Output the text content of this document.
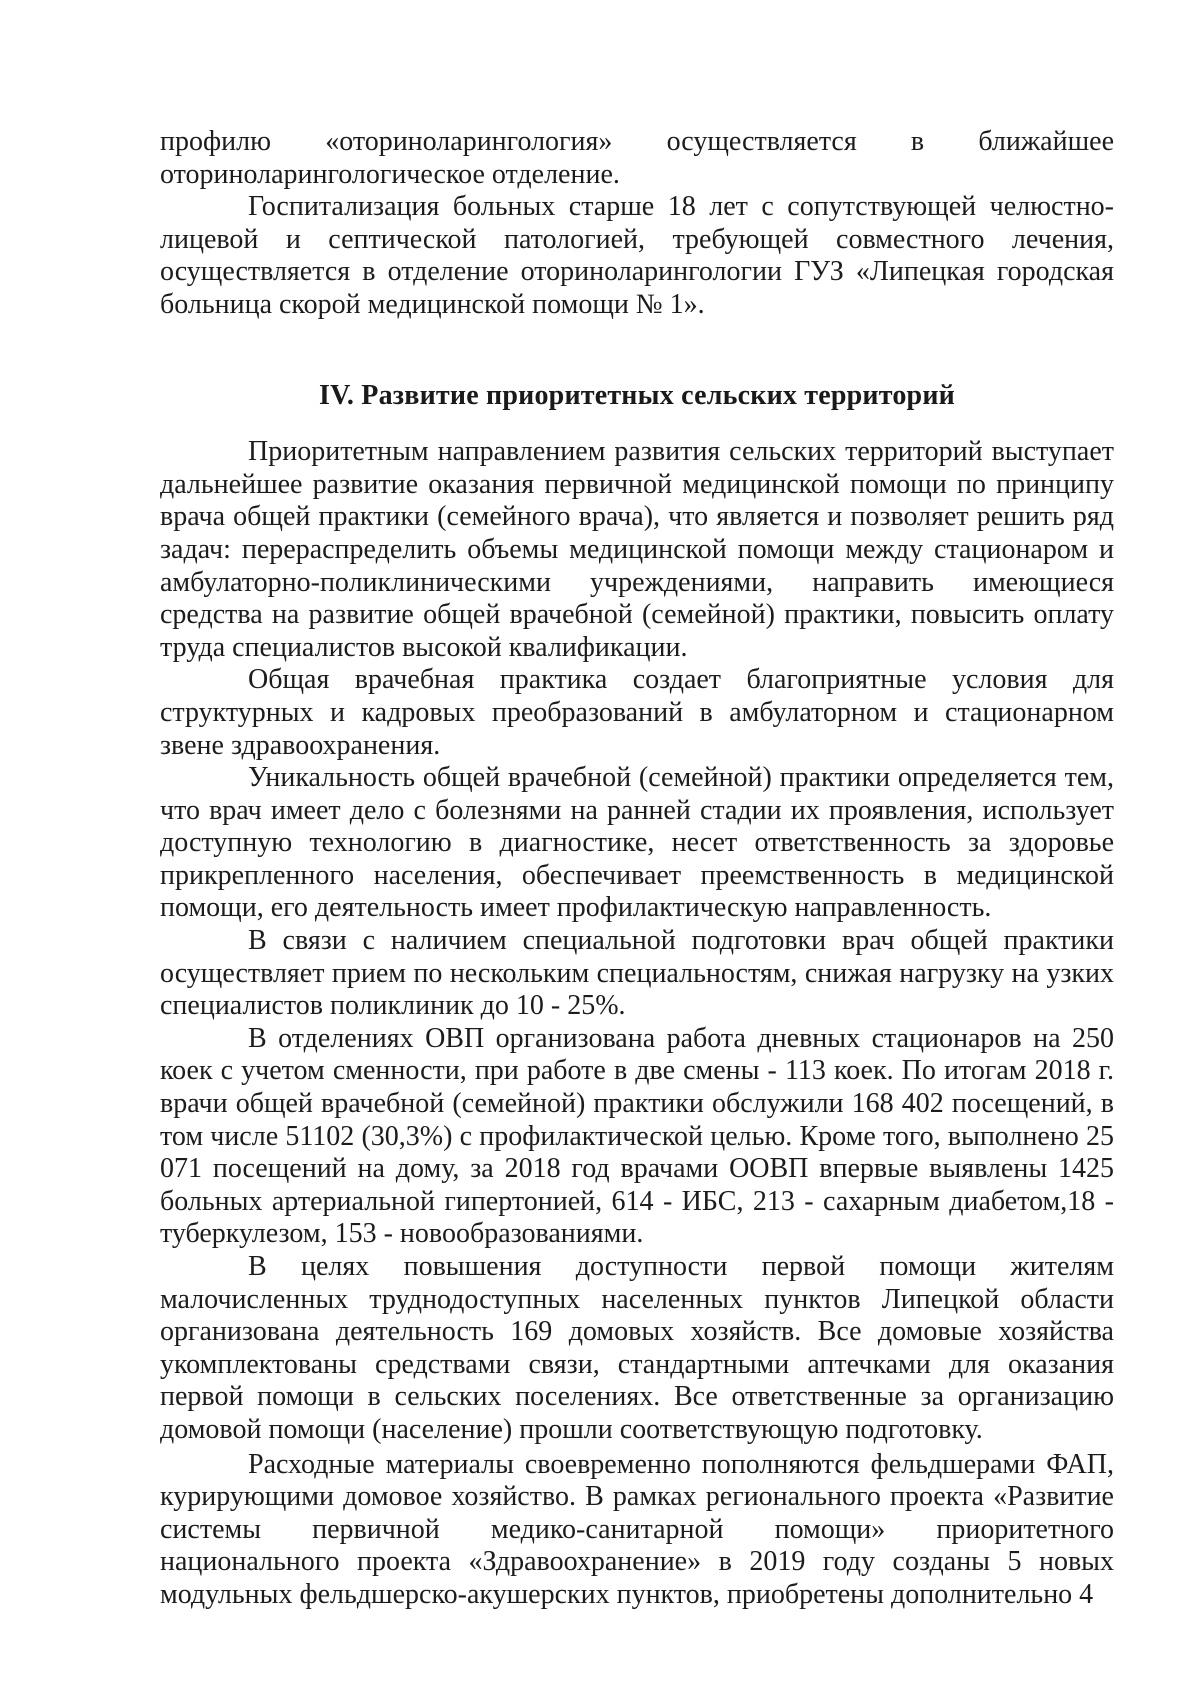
профилю «оториноларингология» осуществляется в ближайшее оториноларингологическое отделение.

Госпитализация больных старше 18 лет с сопутствующей челюстно-лицевой и септической патологией, требующей совместного лечения, осуществляется в отделение оториноларингологии ГУЗ «Липецкая городская больница скорой медицинской помощи № 1».

IV. Развитие приоритетных сельских территорий

Приоритетным направлением развития сельских территорий выступает дальнейшее развитие оказания первичной медицинской помощи по принципу врача общей практики (семейного врача), что является и позволяет решить ряд задач: перераспределить объемы медицинской помощи между стационаром и амбулаторно-поликлиническими учреждениями, направить имеющиеся средства на развитие общей врачебной (семейной) практики, повысить оплату труда специалистов высокой квалификации.

Общая врачебная практика создает благоприятные условия для структурных и кадровых преобразований в амбулаторном и стационарном звене здравоохранения.

Уникальность общей врачебной (семейной) практики определяется тем, что врач имеет дело с болезнями на ранней стадии их проявления, использует доступную технологию в диагностике, несет ответственность за здоровье прикрепленного населения, обеспечивает преемственность в медицинской помощи, его деятельность имеет профилактическую направленность.

В связи с наличием специальной подготовки врач общей практики осуществляет прием по нескольким специальностям, снижая нагрузку на узких специалистов поликлиник до 10 - 25%.

В отделениях ОВП организована работа дневных стационаров на 250 коек с учетом сменности, при работе в две смены - 113 коек. По итогам 2018 г. врачи общей врачебной (семейной) практики обслужили 168 402 посещений, в том числе 51102 (30,3%) с профилактической целью. Кроме того, выполнено 25 071 посещений на дому, за 2018 год врачами ООВП впервые выявлены 1425 больных артериальной гипертонией, 614 - ИБС, 213 - сахарным диабетом,18 - туберкулезом, 153 - новообразованиями.

В целях повышения доступности первой помощи жителям малочисленных труднодоступных населенных пунктов Липецкой области организована деятельность 169 домовых хозяйств. Все домовые хозяйства укомплектованы средствами связи, стандартными аптечками для оказания первой помощи в сельских поселениях. Все ответственные за организацию домовой помощи (население) прошли соответствующую подготовку.

Расходные материалы своевременно пополняются фельдшерами ФАП, курирующими домовое хозяйство. В рамках регионального проекта «Развитие системы первичной медико-санитарной помощи» приоритетного национального проекта «Здравоохранение» в 2019 году созданы 5 новых модульных фельдшерско-акушерских пунктов, приобретены дополнительно 4
